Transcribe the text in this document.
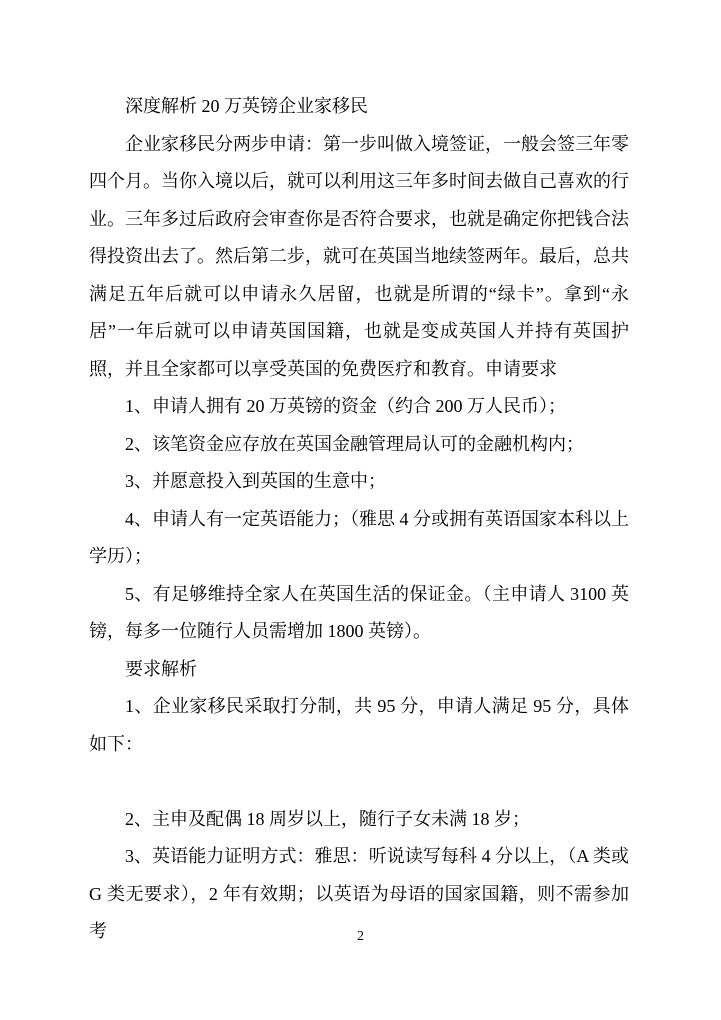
深度解析 20 万英镑企业家移民

企业家移民分两步申请：第一步叫做入境签证，一般会签三年零四个月。当你入境以后，就可以利用这三年多时间去做自己喜欢的行业。三年多过后政府会审查你是否符合要求，也就是确定你把钱合法得投资出去了。然后第二步，就可在英国当地续签两年。最后，总共满足五年后就可以申请永久居留，也就是所谓的“绿卡”。拿到“永居”一年后就可以申请英国国籍，也就是变成英国人并持有英国护照，并且全家都可以享受英国的免费医疗和教育。申请要求

1、申请人拥有 20 万英镑的资金（约合 200 万人民币）；

2、该笔资金应存放在英国金融管理局认可的金融机构内；

3、并愿意投入到英国的生意中；

4、申请人有一定英语能力；（雅思 4 分或拥有英语国家本科以上学历）；

5、有足够维持全家人在英国生活的保证金。（主申请人 3100 英镑，每多一位随行人员需增加 1800 英镑）。

要求解析

1、企业家移民采取打分制，共 95 分，申请人满足 95 分，具体如下：

2、主申及配偶 18 周岁以上，随行子女未满 18 岁；

3、英语能力证明方式：雅思：听说读写每科 4 分以上，（A 类或 G 类无要求），2 年有效期；以英语为母语的国家国籍，则不需参加考	2
